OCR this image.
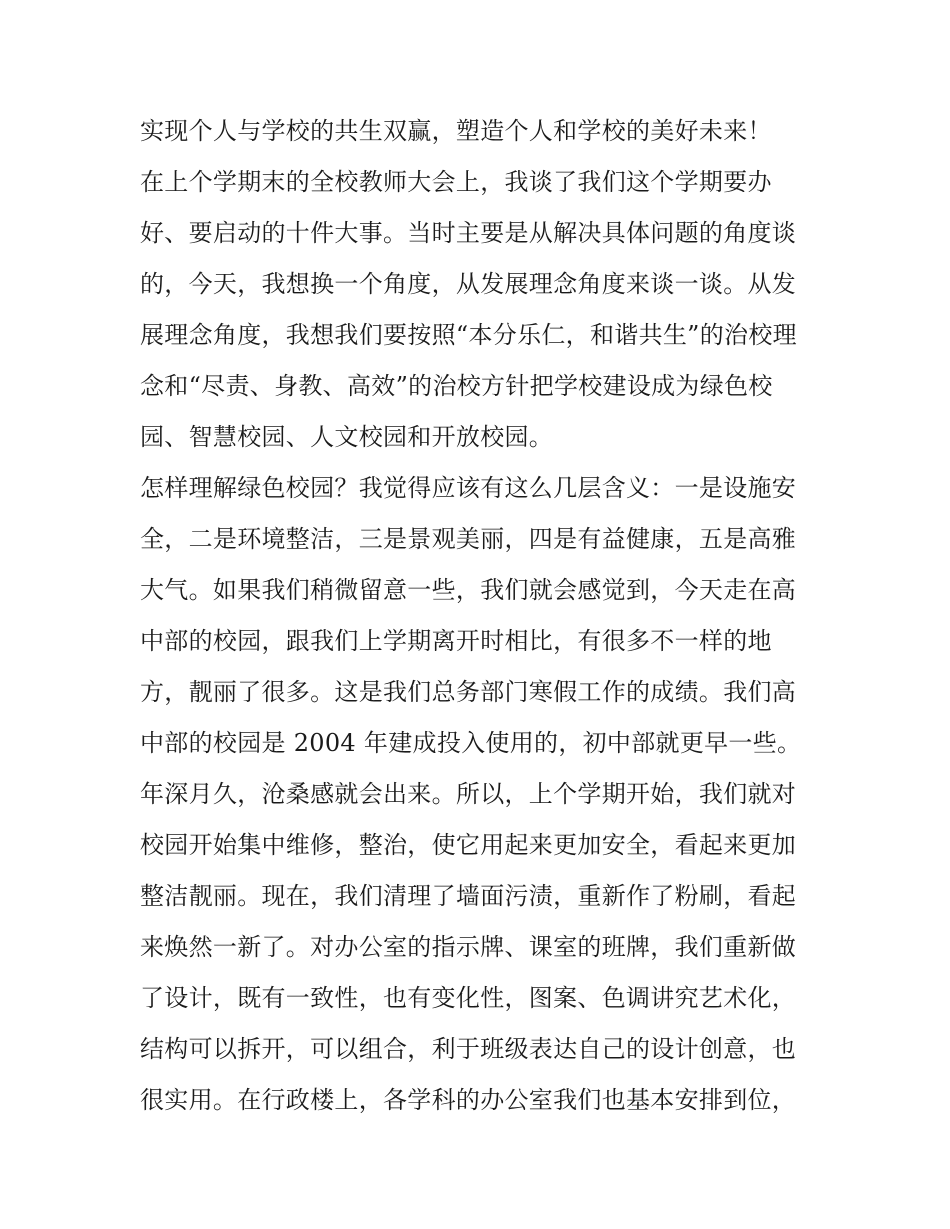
实现个人与学校的共生双赢，塑造个人和学校的美好未来！
在上个学期末的全校教师大会上，我谈了我们这个学期要办
好、要启动的十件大事。当时主要是从解决具体问题的角度谈
的，今天，我想换一个角度，从发展理念角度来谈一谈。从发
展理念角度，我想我们要按照“本分乐仁，和谐共生”的治校理
念和“尽责、身教、高效”的治校方针把学校建设成为绿色校
园、智慧校园、人文校园和开放校园。
怎样理解绿色校园？我觉得应该有这么几层含义：一是设施安
全，二是环境整洁，三是景观美丽，四是有益健康，五是高雅
大气。如果我们稍微留意一些，我们就会感觉到，今天走在高
中部的校园，跟我们上学期离开时相比，有很多不一样的地
方，靓丽了很多。这是我们总务部门寒假工作的成绩。我们高
中部的校园是 2004 年建成投入使用的，初中部就更早一些。
年深月久，沧桑感就会出来。所以，上个学期开始，我们就对
校园开始集中维修，整治，使它用起来更加安全，看起来更加
整洁靓丽。现在，我们清理了墙面污渍，重新作了粉刷，看起
来焕然一新了。对办公室的指示牌、课室的班牌，我们重新做
了设计，既有一致性，也有变化性，图案、色调讲究艺术化，
结构可以拆开，可以组合，利于班级表达自己的设计创意，也
很实用。在行政楼上，各学科的办公室我们也基本安排到位，
